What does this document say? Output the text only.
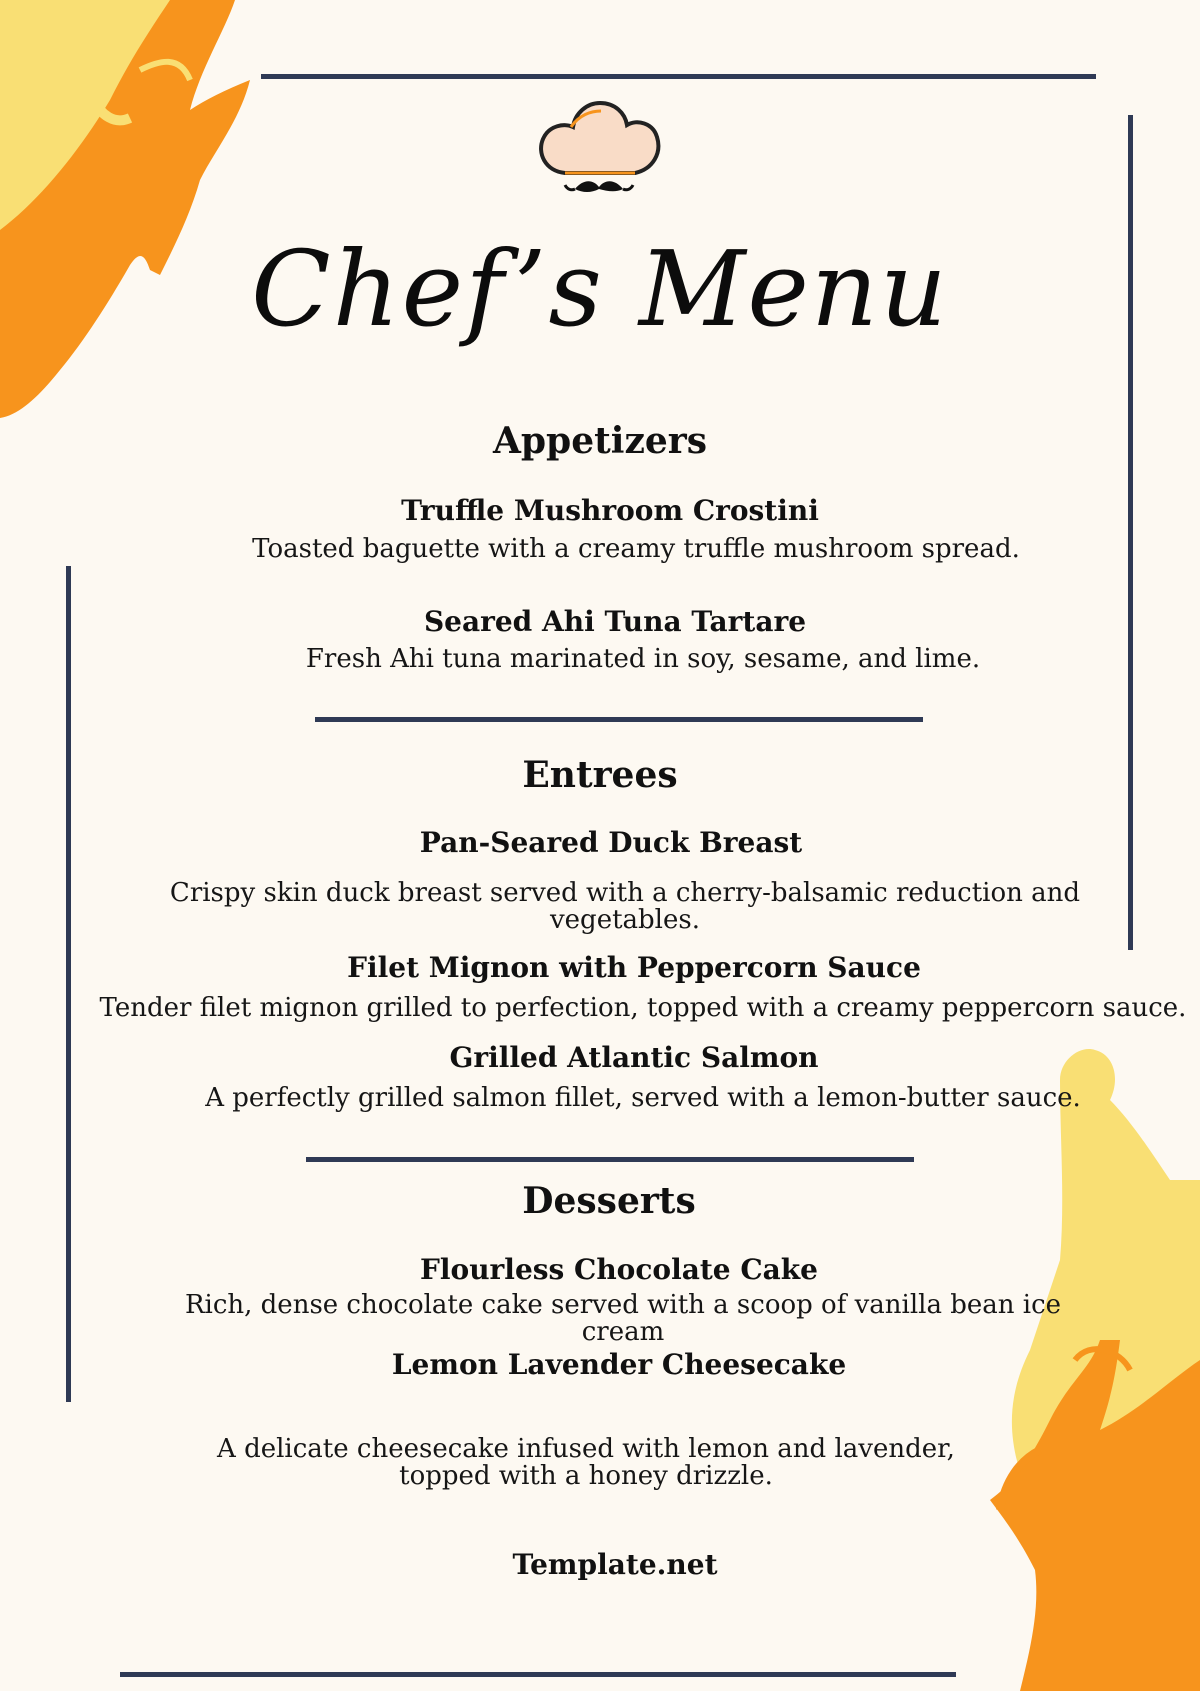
Chef’s Menu
Appetizers
Truffle Mushroom Crostini
Toasted baguette with a creamy truffle mushroom spread.
Seared Ahi Tuna Tartare
Fresh Ahi tuna marinated in soy, sesame, and lime.
Entrees
Pan-Seared Duck Breast
Crispy skin duck breast served with a cherry-balsamic reduction and
vegetables.
Filet Mignon with Peppercorn Sauce
Tender filet mignon grilled to perfection, topped with a creamy peppercorn sauce.
Grilled Atlantic Salmon
A perfectly grilled salmon fillet, served with a lemon-butter sauce.
Desserts
Flourless Chocolate Cake
Rich, dense chocolate cake served with a scoop of vanilla bean ice
cream
Lemon Lavender Cheesecake
A delicate cheesecake infused with lemon and lavender,
topped with a honey drizzle.
Template.net
